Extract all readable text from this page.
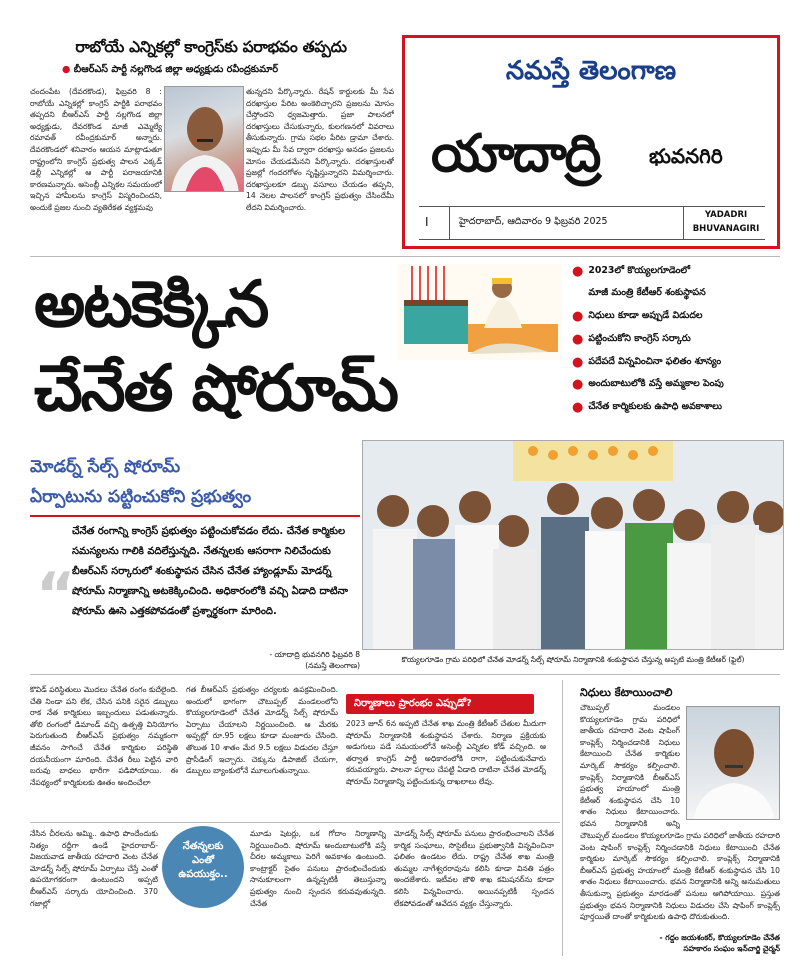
రాబోయే ఎన్నికల్లో కాంగ్రెస్‌కు పరాభవం తప్పదు
● బీఆర్‌ఎస్ పార్టీ నల్లగొండ జిల్లా అధ్యక్షుడు రవీంద్రకుమార్
చందంపేట (దేవరకొండ), ఫిబ్రవరి 8 : రాబోయే ఎన్నికల్లో కాంగ్రెస్ పార్టీకి పరాభవం తప్పదని బీఆర్‌ఎస్ పార్టీ నల్లగొండ జిల్లా అధ్యక్షుడు, దేవరకొండ మాజీ ఎమ్మెల్యే రమావత్ రవీంద్రకుమార్ అన్నారు. దేవరకొండలో శనివారం ఆయన మాట్లాడుతూ రాష్ట్రంలోని కాంగ్రెస్ ప్రభుత్వ పాలన ఎక్కడ్ డెల్లీ ఎన్నికల్లో ఆ పార్టీ పరాజయానికి కారణమన్నారు. అసెంబ్లీ ఎన్నికల సమయంలో ఇచ్చిన హామీలను కాంగ్రెస్ విస్మరించిందని, అందుకే ప్రజల నుంచి వ్యతిరేకత వ్యక్తమవు
తున్నదని పేర్కొన్నారు. రేషన్ కార్డులకు మీ సేవ దరఖాస్తుల పేరిట అంకెలిచ్చారని ప్రజలను మోసం చేస్తోందని ధ్వజమెత్తారు. ప్రజా పాలనలో దరఖాస్తులు చేసుకున్నారు, కులగణనలో వివరాలు తీసుకున్నారు. గ్రామ సభల పేరిట డ్రామా చేశారు. ఇప్పుడు మీ సేవ ద్వారా దరఖాస్తు అనడం ప్రజలను మోసం చేయడమేనని పేర్కొన్నారు. దరఖాస్తులతో ప్రజల్లో గందరగోళం సృష్టిస్తున్నారని విమర్శించారు. దరఖాస్తులకూ డబ్బు వసూలు చేయడం తప్పని, 14 నెలల పాలనలో కాంగ్రెస్ ప్రభుత్వం చేసిందేమీ లేదని విమర్శించారు.
నమస్తే తెలంగాణ
యాదాద్రి భువనగిరి
I	హైదరాబాద్, ఆదివారం 9 ఫిబ్రవరి 2025
YADADRI
BHUVANAGIRI
అటకెక్కిన
చేనేత షోరూమ్
● 2023లో కొయ్యలగూడెంలో
మాజీ మంత్రి కేటీఆర్ శంకుస్థాపన
● నిధులు కూడా అప్పుడే విడుదల
● పట్టించుకోని కాంగ్రెస్ సర్కారు
● పదేపదే విన్నవించినా ఫలితం శూన్యం
● అందుబాటులోకి వస్తే అమ్మకాల పెంపు
● చేనేత కార్మికులకు ఉపాధి అవకాశాలు
మోడర్న్ సేల్స్ షోరూమ్
ఏర్పాటును పట్టించుకోని ప్రభుత్వం
“
చేనేత రంగాన్ని కాంగ్రెస్ ప్రభుత్వం పట్టించుకోవడం లేదు. చేనేత కార్మికుల సమస్యలను గాలికి వదిలేస్తున్నది. నేతన్నలకు ఆసరాగా నిలిచేందుకు బీఆర్‌ఎస్ సర్కారులో శంకుస్థాపన చేసిన చేనేత హ్యాండ్లూమ్ మోడర్న్ షోరూమ్ నిర్మాణాన్ని అటకెక్కించింది. అధికారంలోకి వచ్చి ఏడాది దాటినా షోరూమ్ ఊసె ఎత్తకపోవడంతో ప్రశ్నార్థకంగా మారింది.
- యాదాద్రి భువనగిరి ఫిబ్రవరి 8
(నమస్తే తెలంగాణ)
కొయ్యలగూడెం గ్రామ పరిధిలో చేనేత మోడర్న్ సేల్స్ షోరూమ్ నిర్మాణానికి శంకుస్థాపన చేస్తున్న అప్పటి మంత్రి కేటీఆర్ (ఫైల్)
కొవిడ్ పరిస్థితులు మొదలు చేనేత రంగం కుదేలైంది. చేతి నిండా పని లేక, చేసిన పనికి సరైన డబ్బులు రాక నేత కార్మికులు ఇబ్బందులు పడుతున్నారు. తోలి రంగంలో డిమాండ్ వచ్చి ఉత్పత్తి వినియోగం పెరుగుతుంది బీఆర్‌ఎస్ ప్రభుత్వం నమ్మకంగా జీవనం సాగించే చేనేత కార్మికుల పరిస్థితి దయనీయంగా మారింది. చేనేత రీలు పెట్టిన వారి బరువు బాధలు భారీగా పడిపోయాయి. ఈ నేపథ్యంలో కార్మికులకు ఊతం అందించేలా
గత బీఆర్‌ఎస్ ప్రభుత్వం చర్యలకు ఉపక్రమించింది. అందులో భాగంగా చౌటుప్పల్ మండలంలోని కొయ్యలగూడెంలో చేనేత మోడర్న్ సేల్స్ షోరూమ్ ఏర్పాటు చేయాలని నిర్ణయించింది. ఆ మేరకు అప్పట్లో రూ.95 లక్షలు కూడా మంజూరు చేసింది. తొలుత 10 శాతం మేర 9.5 లక్షలు విడుదల చేస్తూ ప్రొసీడింగ్ ఇచ్చారు. చెక్కును డిపాజిట్ చేయగా, డబ్బులు బ్యాంకులోనే మూలుగుతున్నాయి.
నిర్మాణాలు ప్రారంభం ఎప్పుడో?
2023 జూన్ 6న అప్పటి చేనేత శాఖ మంత్రి కేటీఆర్ చేతుల మీదుగా షోరూమ్ నిర్మాణానికి శంకుస్థాపన చేశారు. నిర్మాణ ప్రక్రియకు అడుగులు పడే సమయంలోనే అసెంబ్లీ ఎన్నికల కోడ్ వచ్చింది. ఆ తర్వాత కాంగ్రెస్ పార్టీ అధికారంలోకి రాగా, పట్టించుకునేవారు కరువయ్యారు. పాలనా పగ్గాలు చేపట్టి ఏడాది దాటినా చేనేత మోడర్న్ షోరూమ్ నిర్మాణాన్ని పట్టించుకున్న దాఖలాలు లేవు.
నిధులు కేటాయించాలి
చౌటుప్పల్ మండలం కొయ్యలగూడెం గ్రామ పరిధిలో జాతీయ రహదారి వెంట షాపింగ్ కాంప్లెక్స్ నిర్మించడానికి నిధులు కేటాయించి చేనేత కార్మికుల మార్కెట్ సౌకర్యం కల్పించాలి. కాంప్లెక్స్ నిర్మాణానికి బీఆర్‌ఎస్ ప్రభుత్వ హయాంలో మంత్రి కేటీఆర్ శంకుస్థాపన చేసి 10 శాతం నిధులు కేటాయించారు. భవన నిర్మాణానికి అన్ని
చౌటుప్పల్ మండలం కొయ్యలగూడెం గ్రామ పరిధిలో జాతీయ రహదారి వెంట షాపింగ్ కాంప్లెక్స్ నిర్మించడానికి నిధులు కేటాయించి చేనేత కార్మికుల మార్కెట్ సౌకర్యం కల్పించాలి. కాంప్లెక్స్ నిర్మాణానికి బీఆర్‌ఎస్ ప్రభుత్వ హయాంలో మంత్రి కేటీఆర్ శంకుస్థాపన చేసి 10 శాతం నిధులు కేటాయించారు. భవన నిర్మాణానికి అన్ని అనుమతులు తీసుకున్నా ప్రభుత్వం మారడంతో పనులు ఆగిపోయాయి. ప్రస్తుత ప్రభుత్వం భవన నిర్మాణానికి నిధులు విడుదల చేసి షాపింగ్ కాంప్లెక్స్ పూర్తయితే దాంతో కార్మికులకు ఉపాధి దొరుకుతుంది.
- గద్దం జయశంకర్, కొయ్యలగూడెం చేనేత
సహకారం సంఘం ఇన్‌చార్జి చైర్మన్
నేసిన చీరలను అమ్మి.. ఉపాధి పొందేందుకు నిత్యం రద్దీగా ఉండే హైదరాబాద్-విజయవాడ జాతీయ రహదారి వెంట చేనేత మోడర్న్ సేల్స్ షోరూమ్ ఏర్పాటు చేస్తే ఎంతో ఉపయోగకరంగా ఉంటుందని అప్పటి బీఆర్‌ఎస్ సర్కారు యోచించింది. 370 గజాల్లో
నేతన్నలకు
ఎంతో
ఉపయుక్తం..
మూడు షెటర్లు, ఒక గోదాం నిర్మాణాన్ని నిర్ణయించింది. షోరూమ్ అందుబాటులోకి వస్తే చీరల అమ్మకాలు పెరిగే అవకాశం ఉంటుంది. కాంట్రాక్టర్ సైతం పనులు ప్రారంభించేందుకు సానుకూలంగా ఉన్నప్పటికీ తెలుస్తున్నా ప్రభుత్వం నుంచి స్పందన కరువవుతున్నది. చేనేత
మోడర్న్ సేల్స్ షోరూమ్ పనులు ప్రారంభించాలని చేనేత కార్మిక సంఘాలు, సొసైటీలు ప్రభుత్వానికి విన్నవించినా ఫలితం ఉండటం లేదు. రాష్ట్ర చేనేత శాఖ మంత్రి తుమ్మల నాగేశ్వరరావును కలిసి కూడా వినతి పత్రం అందజేశారు. ఇటీవల జౌళి శాఖ కమిషనర్‌ను కూడా కలిసి విన్నవించారు. అయినప్పటికీ స్పందన లేకపోవడంతో ఆవేదన వ్యక్తం చేస్తున్నారు.
